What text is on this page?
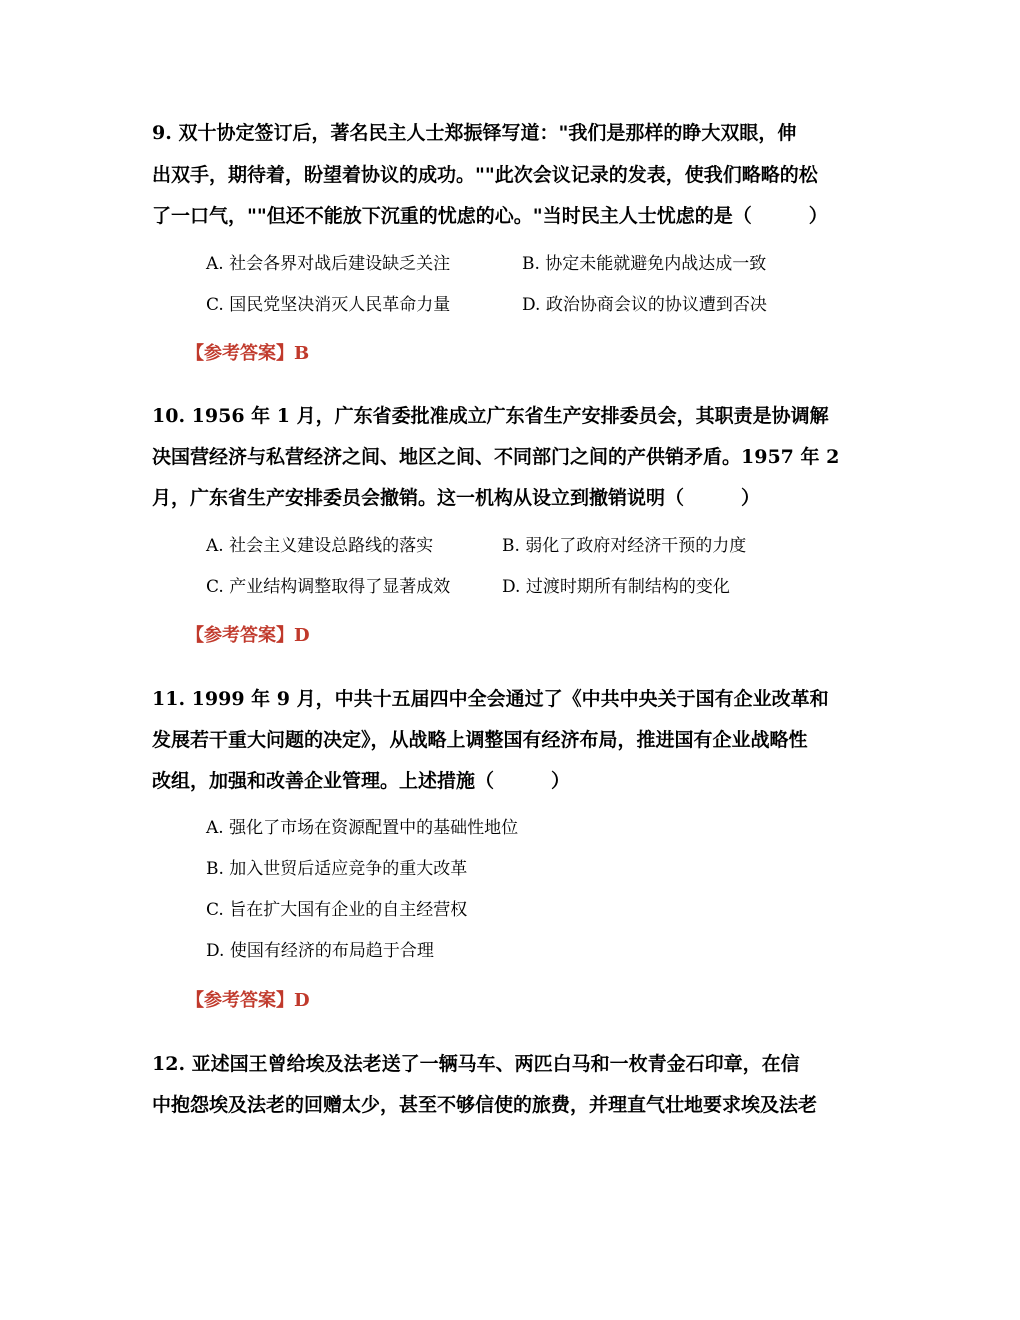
9. 双十协定签订后，著名民主人士郑振铎写道："我们是那样的睁大双眼，伸
出双手，期待着，盼望着协议的成功。""此次会议记录的发表，使我们略略的松
了一口气，""但还不能放下沉重的忧虑的心。"当时民主人士忧虑的是（　　　）
A. 社会各界对战后建设缺乏关注	B. 协定未能就避免内战达成一致
C. 国民党坚决消灭人民革命力量	D. 政治协商会议的协议遭到否决
【参考答案】B
10. 1956 年 1 月，广东省委批准成立广东省生产安排委员会，其职责是协调解
决国营经济与私营经济之间、地区之间、不同部门之间的产供销矛盾。1957 年 2
月，广东省生产安排委员会撤销。这一机构从设立到撤销说明（　　　）
A. 社会主义建设总路线的落实	B. 弱化了政府对经济干预的力度
C. 产业结构调整取得了显著成效	D. 过渡时期所有制结构的变化
【参考答案】D
11. 1999 年 9 月，中共十五届四中全会通过了《中共中央关于国有企业改革和
发展若干重大问题的决定》，从战略上调整国有经济布局，推进国有企业战略性
改组，加强和改善企业管理。上述措施（　　　）
A. 强化了市场在资源配置中的基础性地位
B. 加入世贸后适应竞争的重大改革
C. 旨在扩大国有企业的自主经营权
D. 使国有经济的布局趋于合理
【参考答案】D
12. 亚述国王曾给埃及法老送了一辆马车、两匹白马和一枚青金石印章，在信
中抱怨埃及法老的回赠太少，甚至不够信使的旅费，并理直气壮地要求埃及法老
